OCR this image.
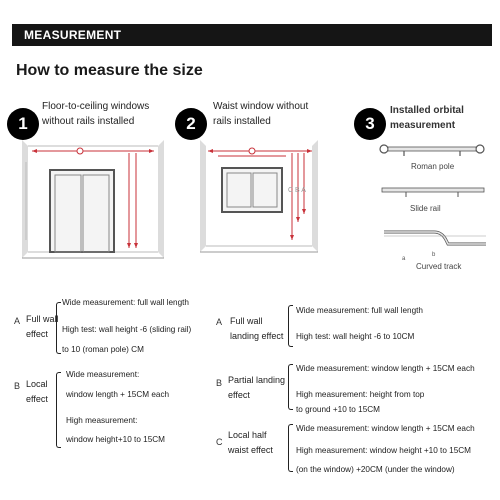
MEASUREMENT
How to measure the size
1
Floor-to-ceiling windows
without rails installed	2
Waist window without
rails installed
C B A
3
Installed orbital
measurement
a
b
Roman pole
Slide rail
Curved track
A Full wall
effect
Wide measurement: full wall length
High test: wall height -6 (sliding rail)
to 10 (roman pole) CM
B Local
effect
Wide measurement:
window length + 15CM each
High measurement:
window height+10 to 15CM
A Full wall
landing effect
Wide measurement: full wall length
High test: wall height -6 to 10CM
B Partial landing
effect
Wide measurement: window length + 15CM each
High measurement: height from top
to ground +10 to 15CM
C
Local half
waist effect
Wide measurement: window length + 15CM each
High measurement: window height +10 to 15CM
(on the window) +20CM (under the window)
